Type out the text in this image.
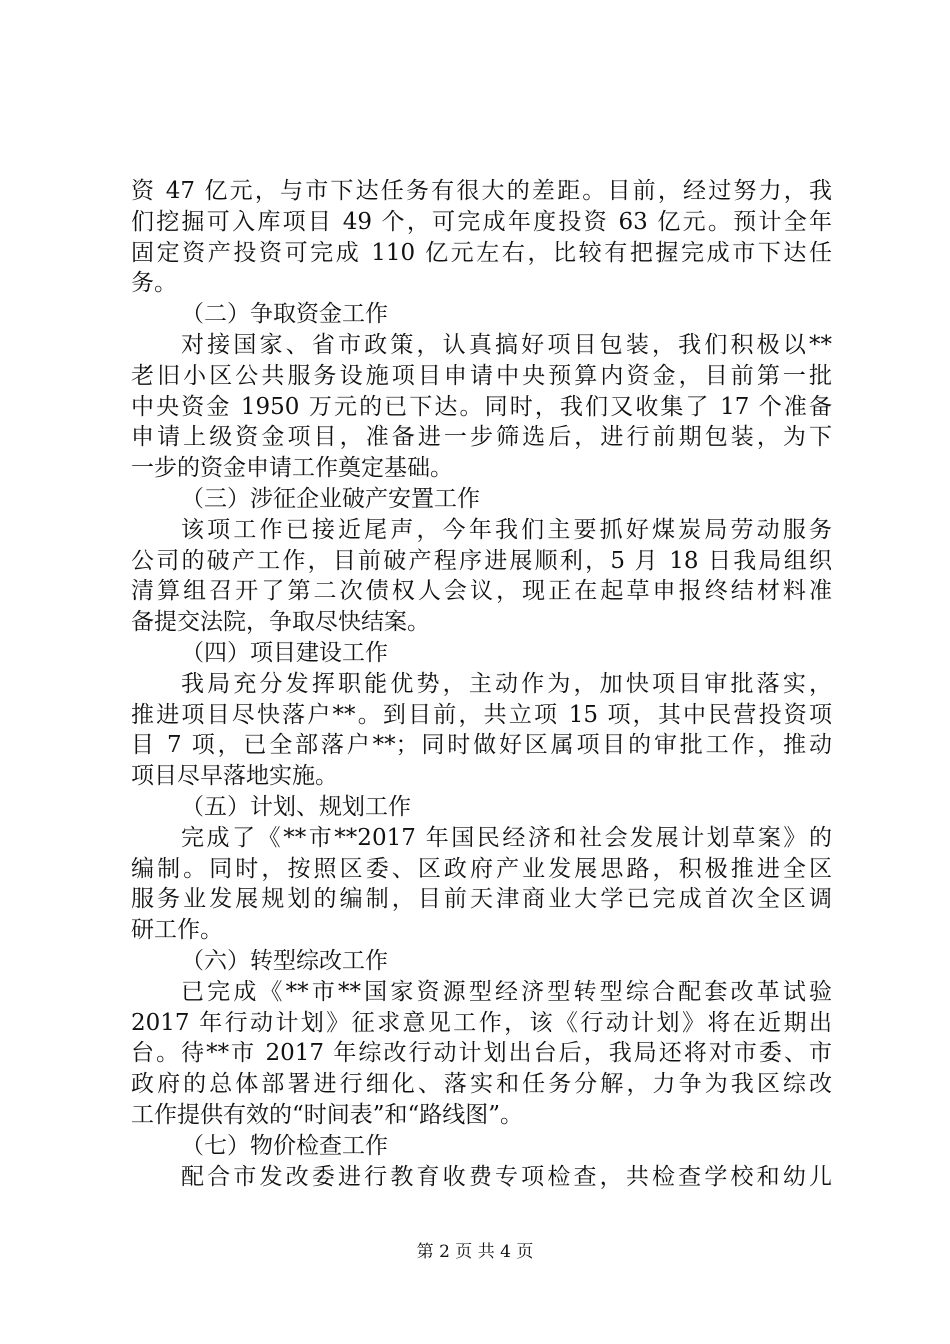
资 47 亿元，与市下达任务有很大的差距。目前，经过努力，我
们挖掘可入库项目 49 个，可完成年度投资 63 亿元。预计全年
固定资产投资可完成 110 亿元左右，比较有把握完成市下达任
务。
（二）争取资金工作
对接国家、省市政策，认真搞好项目包装，我们积极以**
老旧小区公共服务设施项目申请中央预算内资金，目前第一批
中央资金 1950 万元的已下达。同时，我们又收集了 17 个准备
申请上级资金项目，准备进一步筛选后，进行前期包装，为下
一步的资金申请工作奠定基础。
（三）涉征企业破产安置工作
该项工作已接近尾声，今年我们主要抓好煤炭局劳动服务
公司的破产工作，目前破产程序进展顺利，5 月 18 日我局组织
清算组召开了第二次债权人会议，现正在起草申报终结材料准
备提交法院，争取尽快结案。
（四）项目建设工作
我局充分发挥职能优势，主动作为，加快项目审批落实，
推进项目尽快落户**。到目前，共立项 15 项，其中民营投资项
目 7 项，已全部落户**；同时做好区属项目的审批工作，推动
项目尽早落地实施。
（五）计划、规划工作
完成了《**市**2017 年国民经济和社会发展计划草案》的
编制。同时，按照区委、区政府产业发展思路，积极推进全区
服务业发展规划的编制，目前天津商业大学已完成首次全区调
研工作。
（六）转型综改工作
已完成《**市**国家资源型经济型转型综合配套改革试验
2017 年行动计划》征求意见工作，该《行动计划》将在近期出
台。待**市 2017 年综改行动计划出台后，我局还将对市委、市
政府的总体部署进行细化、落实和任务分解，力争为我区综改
工作提供有效的“时间表”和“路线图”。
（七）物价检查工作
配合市发改委进行教育收费专项检查，共检查学校和幼儿
第 2 页 共 4 页
